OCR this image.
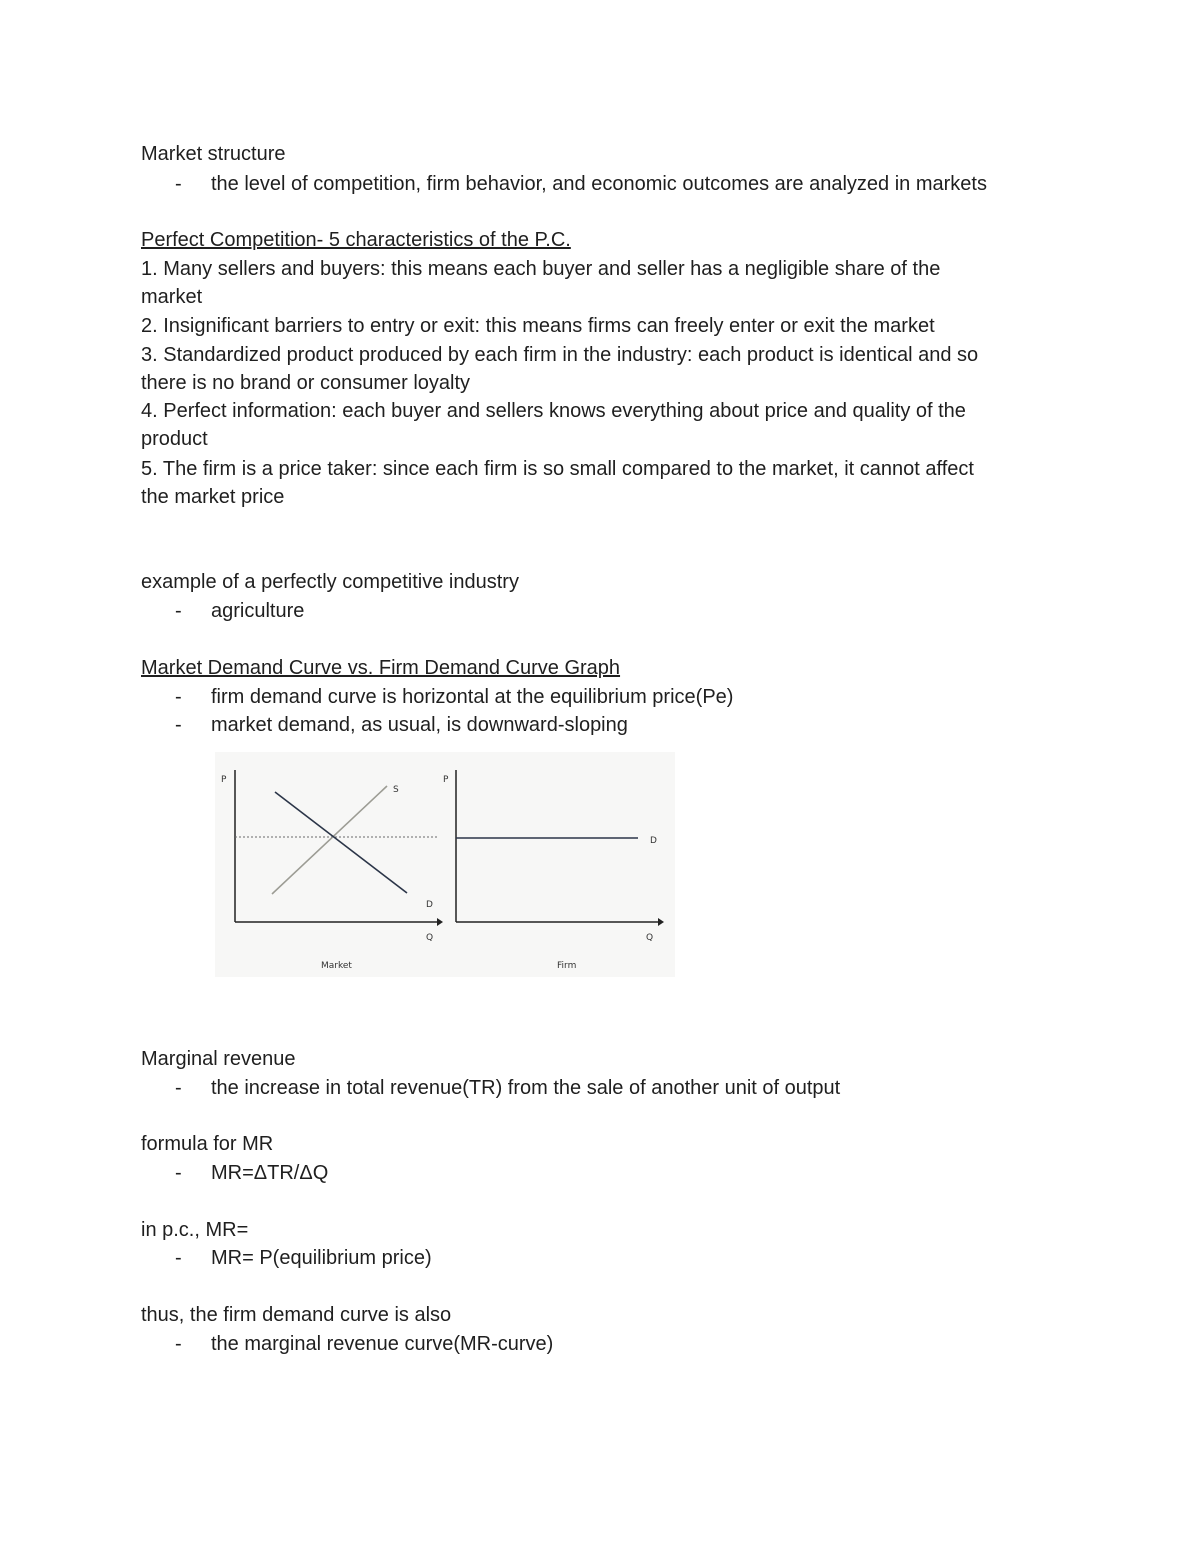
Market structure
- the level of competition, firm behavior, and economic outcomes are analyzed in markets
Perfect Competition- 5 characteristics of the P.C.
1. Many sellers and buyers: this means each buyer and seller has a negligible share of the
market
2. Insignificant barriers to entry or exit: this means firms can freely enter or exit the market
3. Standardized product produced by each firm in the industry: each product is identical and so
there is no brand or consumer loyalty
4. Perfect information: each buyer and sellers knows everything about price and quality of the
product
5. The firm is a price taker: since each firm is so small compared to the market, it cannot affect
the market price
example of a perfectly competitive industry
- agriculture
Market Demand Curve vs. Firm Demand Curve Graph
- firm demand curve is horizontal at the equilibrium price(Pe)
- market demand, as usual, is downward-sloping
P
S
D
Q
Market
P
D
Q
Firm
Marginal revenue
- the increase in total revenue(TR) from the sale of another unit of output
formula for MR
- MR=ΔTR/ΔQ
in p.c., MR=
- MR= P(equilibrium price)
thus, the firm demand curve is also
- the marginal revenue curve(MR-curve)
